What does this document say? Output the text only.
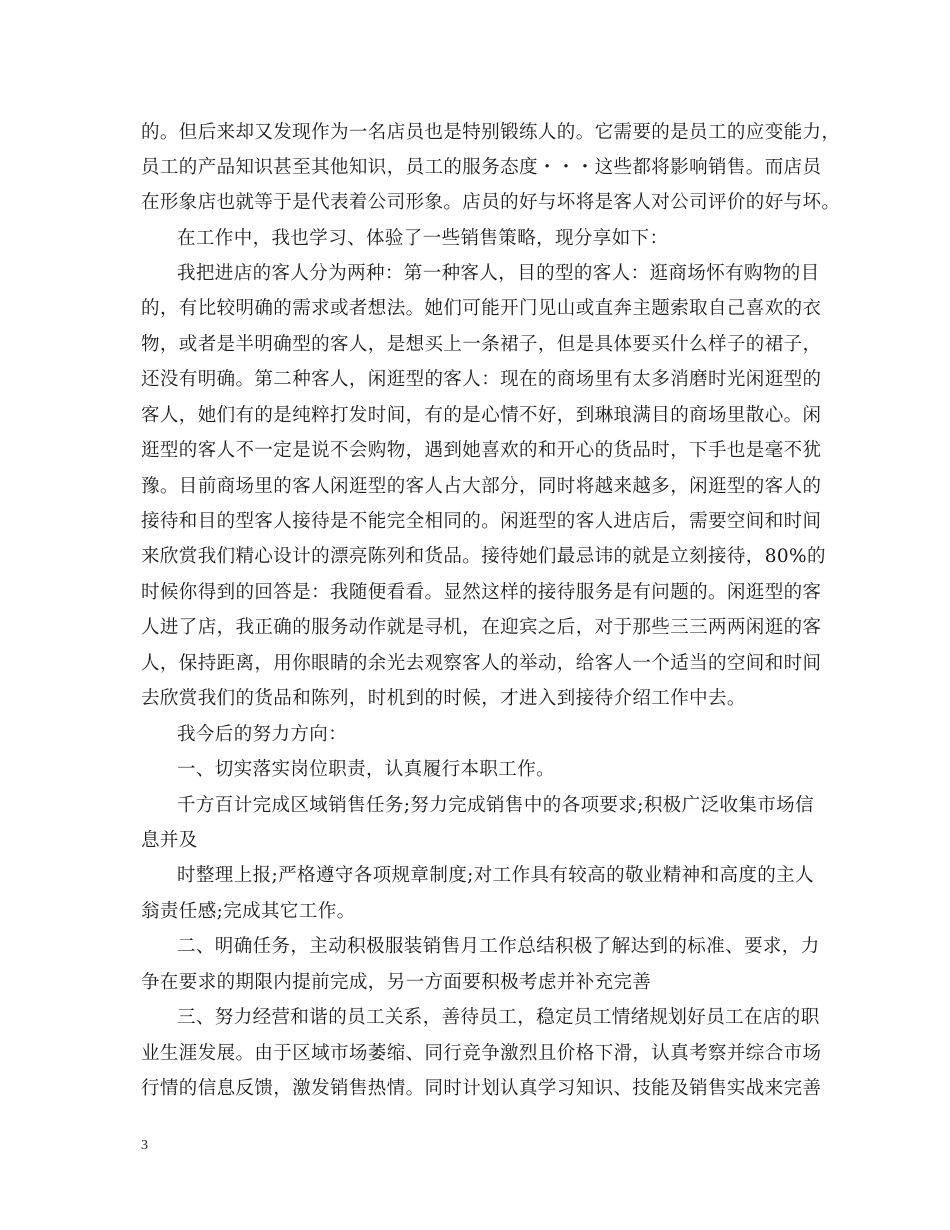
的。但后来却又发现作为一名店员也是特别锻练人的。它需要的是员工的应变能力，
员工的产品知识甚至其他知识，员工的服务态度・・・这些都将影响销售。而店员
在形象店也就等于是代表着公司形象。店员的好与坏将是客人对公司评价的好与坏。
在工作中，我也学习、体验了一些销售策略，现分享如下：
我把进店的客人分为两种：第一种客人，目的型的客人：逛商场怀有购物的目
的，有比较明确的需求或者想法。她们可能开门见山或直奔主题索取自己喜欢的衣
物，或者是半明确型的客人，是想买上一条裙子，但是具体要买什么样子的裙子，
还没有明确。第二种客人，闲逛型的客人：现在的商场里有太多消磨时光闲逛型的
客人，她们有的是纯粹打发时间，有的是心情不好，到琳琅满目的商场里散心。闲
逛型的客人不一定是说不会购物，遇到她喜欢的和开心的货品时，下手也是毫不犹
豫。目前商场里的客人闲逛型的客人占大部分，同时将越来越多，闲逛型的客人的
接待和目的型客人接待是不能完全相同的。闲逛型的客人进店后，需要空间和时间
来欣赏我们精心设计的漂亮陈列和货品。接待她们最忌讳的就是立刻接待，80%的
时候你得到的回答是：我随便看看。显然这样的接待服务是有问题的。闲逛型的客
人进了店，我正确的服务动作就是寻机，在迎宾之后，对于那些三三两两闲逛的客
人，保持距离，用你眼睛的余光去观察客人的举动，给客人一个适当的空间和时间
去欣赏我们的货品和陈列，时机到的时候，才进入到接待介绍工作中去。
我今后的努力方向：
一、切实落实岗位职责，认真履行本职工作。
千方百计完成区域销售任务;努力完成销售中的各项要求;积极广泛收集市场信
息并及
时整理上报;严格遵守各项规章制度;对工作具有较高的敬业精神和高度的主人
翁责任感;完成其它工作。
二、明确任务，主动积极服装销售月工作总结积极了解达到的标准、要求，力
争在要求的期限内提前完成，另一方面要积极考虑并补充完善
三、努力经营和谐的员工关系，善待员工，稳定员工情绪规划好员工在店的职
业生涯发展。由于区域市场萎缩、同行竞争激烈且价格下滑，认真考察并综合市场
行情的信息反馈，激发销售热情。同时计划认真学习知识、技能及销售实战来完善
3
